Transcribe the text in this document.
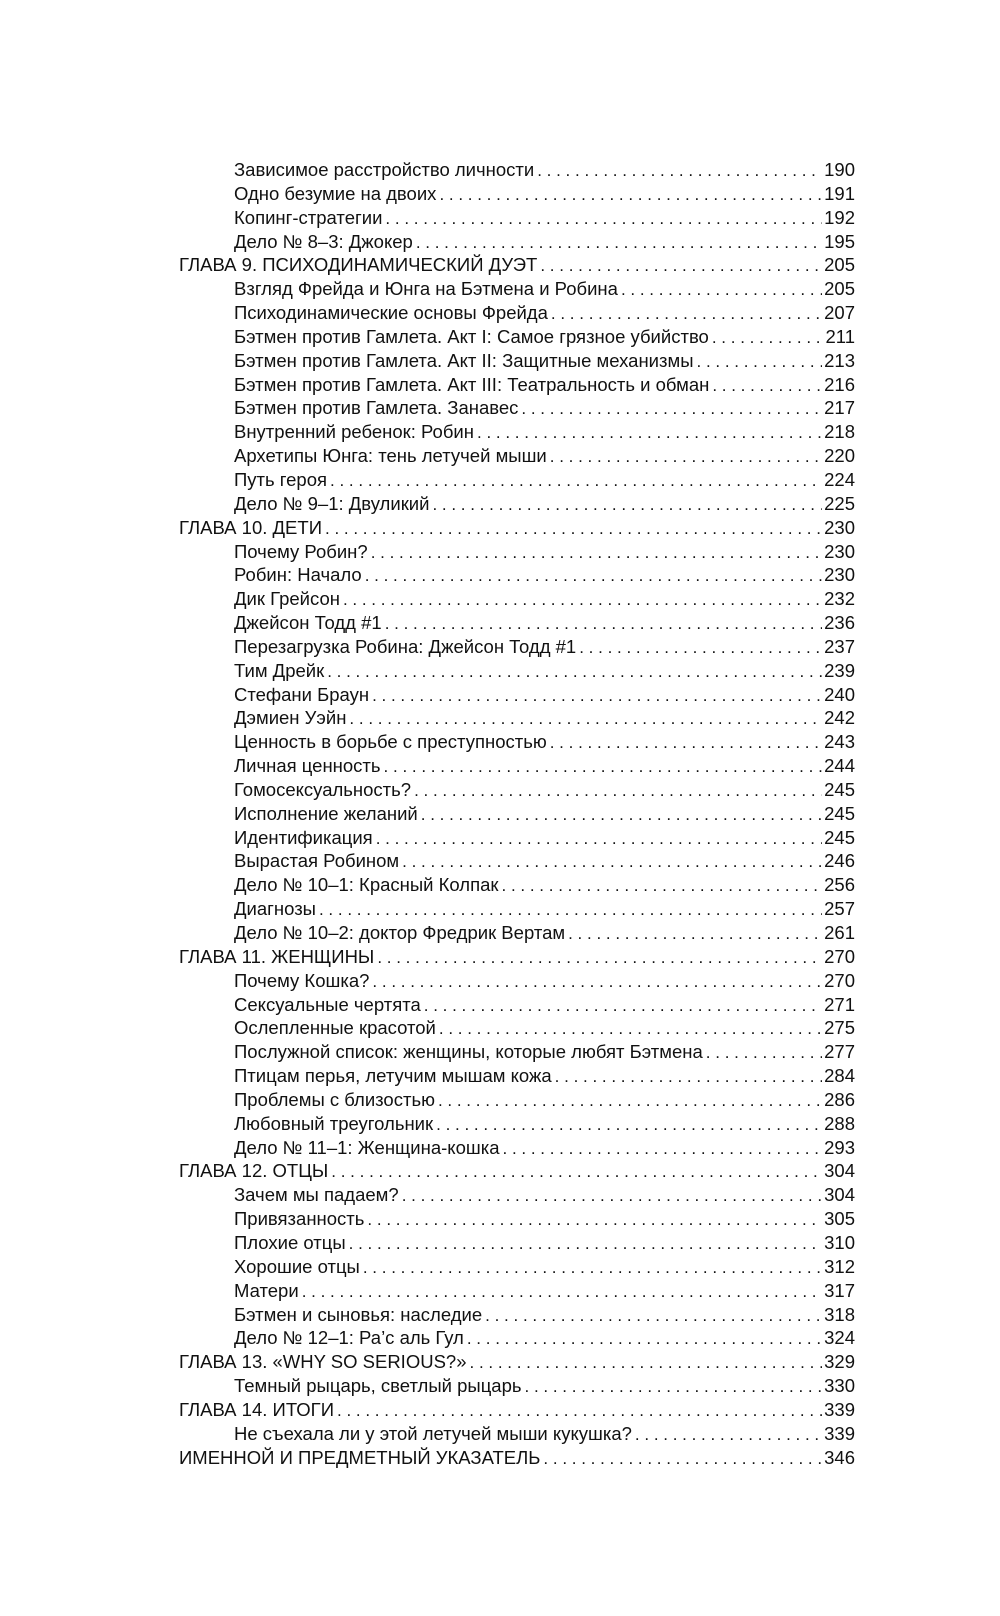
Зависимое расстройство личности . . .	190
Одно безумие на двоих . . .	191
Копинг-стратегии . . .	192
Дело № 8–3: Джокер . . .	195
ГЛАВА 9. ПСИХОДИНАМИЧЕСКИЙ ДУЭТ . . .	205
Взгляд Фрейда и Юнга на Бэтмена и Робина . . .	205
Психодинамические основы Фрейда . . .	207
Бэтмен против Гамлета. Акт I: Самое грязное убийство . . .	211
Бэтмен против Гамлета. Акт II: Защитные механизмы . . .	213
Бэтмен против Гамлета. Акт III: Театральность и обман . . .	216
Бэтмен против Гамлета. Занавес . . .	217
Внутренний ребенок: Робин . . .	218
Архетипы Юнга: тень летучей мыши . . .	220
Путь героя . . .	224
Дело № 9–1: Двуликий . . .	225
ГЛАВА 10. ДЕТИ . . .	230
Почему Робин? . . .	230
Робин: Начало . . .	230
Дик Грейсон . . .	232
Джейсон Тодд #1 . . .	236
Перезагрузка Робина: Джейсон Тодд #1 . . .	237
Тим Дрейк . . .	239
Стефани Браун . . .	240
Дэмиен Уэйн . . .	242
Ценность в борьбе с преступностью . . .	243
Личная ценность . . .	244
Гомосексуальность? . . .	245
Исполнение желаний . . .	245
Идентификация . . .	245
Вырастая Робином . . .	246
Дело № 10–1: Красный Колпак . . .	256
Диагнозы . . .	257
Дело № 10–2: доктор Фредрик Вертам . . .	261
ГЛАВА 11. ЖЕНЩИНЫ . . .	270
Почему Кошка? . . .	270
Сексуальные чертята . . .	271
Ослепленные красотой . . .	275
Послужной список: женщины, которые любят Бэтмена . . .	277
Птицам перья, летучим мышам кожа . . .	284
Проблемы с близостью . . .	286
Любовный треугольник . . .	288
Дело № 11–1: Женщина-кошка . . .	293
ГЛАВА 12. ОТЦЫ . . .	304
Зачем мы падаем? . . .	304
Привязанность . . .	305
Плохие отцы . . .	310
Хорошие отцы . . .	312
Матери . . .	317
Бэтмен и сыновья: наследие . . .	318
Дело № 12–1: Ра’с аль Гул . . .	324
ГЛАВА 13. «WHY SO SERIOUS?» . . .	329
Темный рыцарь, светлый рыцарь . . .	330
ГЛАВА 14. ИТОГИ . . .	339
Не съехала ли у этой летучей мыши кукушка? . . .	339
ИМЕННОЙ И ПРЕДМЕТНЫЙ УКАЗАТЕЛЬ . . .	346
